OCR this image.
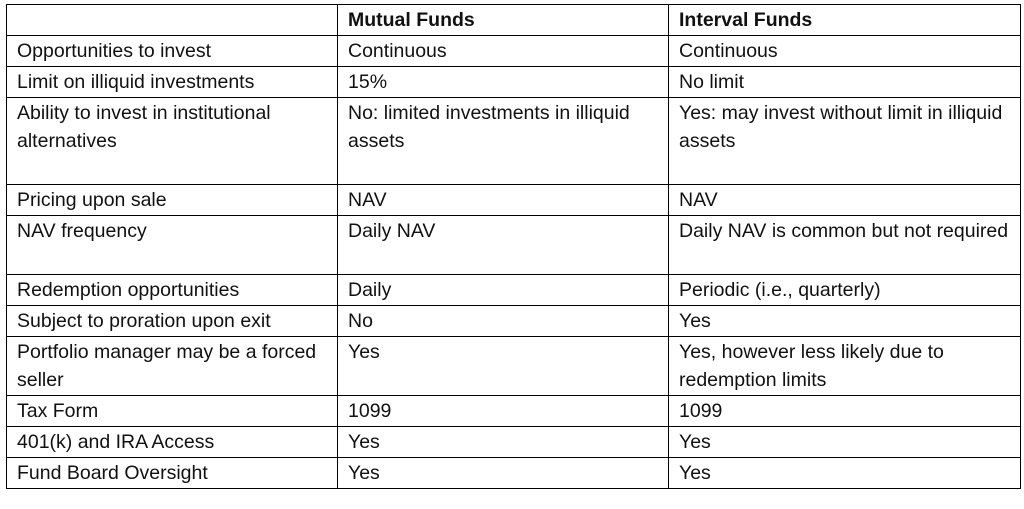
	Mutual Funds	Interval Funds
Opportunities to invest	Continuous	Continuous
Limit on illiquid investments	15%	No limit
Ability to invest in institutional alternatives	No: limited investments in illiquid assets	Yes: may invest without limit in illiquid assets
Pricing upon sale	NAV	NAV
NAV frequency	Daily NAV	Daily NAV is common but not required
Redemption opportunities	Daily	Periodic (i.e., quarterly)
Subject to proration upon exit	No	Yes
Portfolio manager may be a forced seller	Yes	Yes, however less likely due to redemption limits
Tax Form	1099	1099
401(k) and IRA Access	Yes	Yes
Fund Board Oversight	Yes	Yes
